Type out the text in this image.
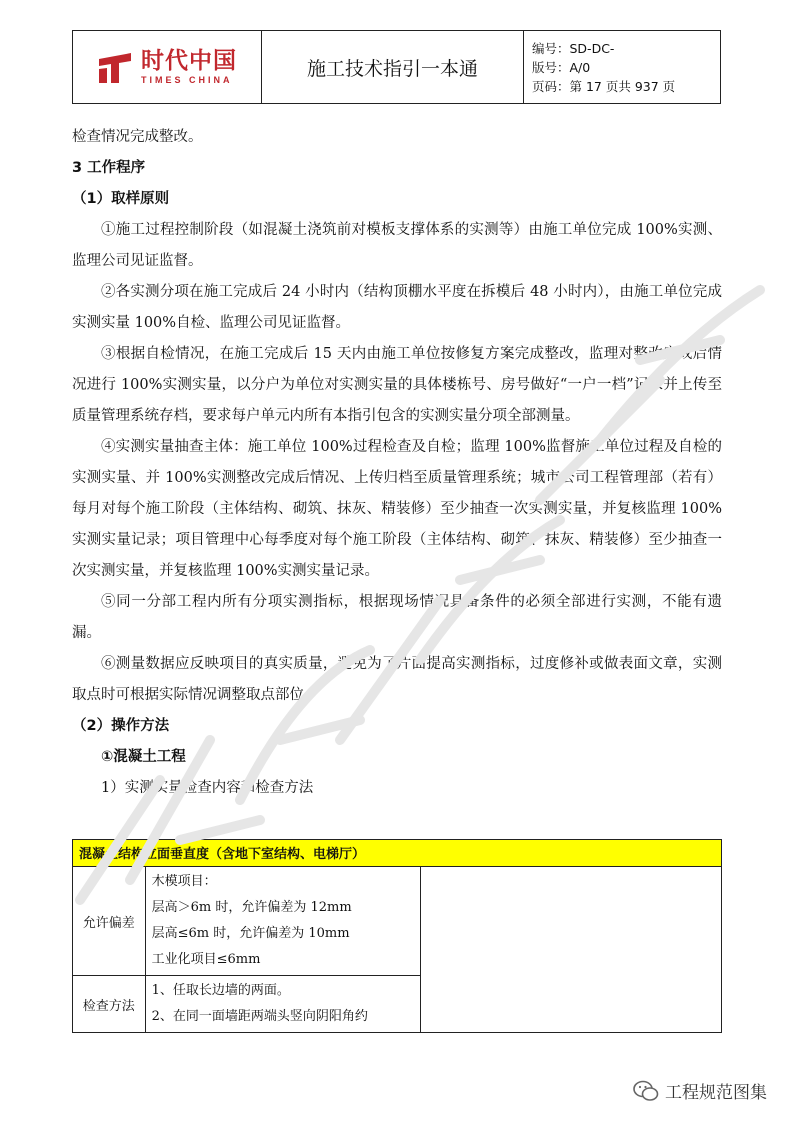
时代中国
TIMES CHINA
施工技术指引一本通
编号：SD-DC-
版号：A/0
页码：第 17 页共 937 页

检查情况完成整改。

3 工作程序

（1）取样原则

①施工过程控制阶段（如混凝土浇筑前对模板支撑体系的实测等）由施工单位完成 100%实测、监理公司见证监督。

②各实测分项在施工完成后 24 小时内（结构顶棚水平度在拆模后 48 小时内），由施工单位完成实测实量 100%自检、监理公司见证监督。

③根据自检情况，在施工完成后 15 天内由施工单位按修复方案完成整改，监理对整改完成后情况进行 100%实测实量，以分户为单位对实测实量的具体楼栋号、房号做好“一户一档”记录并上传至质量管理系统存档，要求每户单元内所有本指引包含的实测实量分项全部测量。

④实测实量抽查主体：施工单位 100%过程检查及自检；监理 100%监督施工单位过程及自检的实测实量、并 100%实测整改完成后情况、上传归档至质量管理系统；城市公司工程管理部（若有）每月对每个施工阶段（主体结构、砌筑、抹灰、精装修）至少抽查一次实测实量，并复核监理 100%实测实量记录；项目管理中心每季度对每个施工阶段（主体结构、砌筑、抹灰、精装修）至少抽查一次实测实量，并复核监理 100%实测实量记录。

⑤同一分部工程内所有分项实测指标，根据现场情况具备条件的必须全部进行实测，不能有遗漏。

⑥测量数据应反映项目的真实质量，避免为了片面提高实测指标，过度修补或做表面文章，实测取点时可根据实际情况调整取点部位。

（2）操作方法

①混凝土工程

1）实测实量检查内容和检查方法

混凝土结构立面垂直度（含地下室结构、电梯厅）		
允许偏差	木模项目：
层高＞6m 时，允许偏差为 12mm
层高≤6m 时，允许偏差为 10mm
工业化项目≤6mm	

检查方法	1、任取长边墙的两面。
2、在同一面墙距两端头竖向阴阳角约	
工程规范图集
